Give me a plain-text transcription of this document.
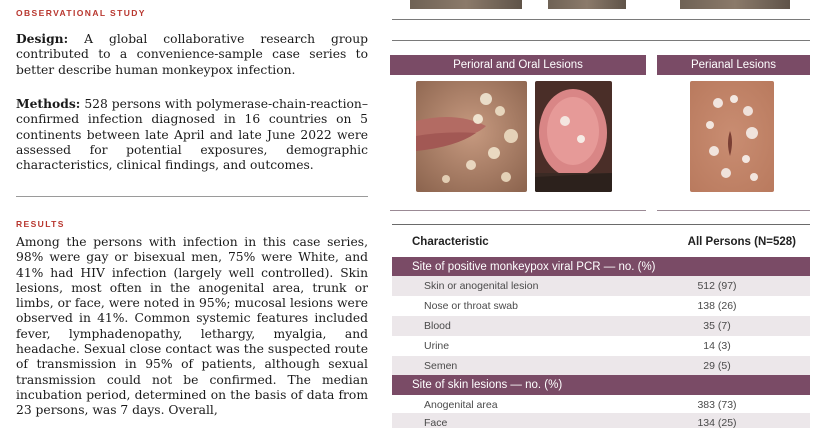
OBSERVATIONAL STUDY

Design: A global collaborative research group contributed to a convenience-sample case series to better describe human monkeypox infection.

Methods: 528 persons with polymerase-chain-reaction–confirmed infection diagnosed in 16 countries on 5 continents between late April and late June 2022 were assessed for potential exposures, demographic characteristics, clinical findings, and outcomes.

RESULTS

Among the persons with infection in this case series, 98% were gay or bisexual men, 75% were White, and 41% had HIV infection (largely well controlled). Skin lesions, most often in the anogenital area, trunk or limbs, or face, were noted in 95%; mucosal lesions were observed in 41%. Common systemic features included fever, lymphadenopathy, lethargy, myalgia, and headache. Sexual close contact was the suspected route of transmission in 95% of patients, although sexual transmission could not be confirmed. The median incubation period, determined on the basis of data from 23 persons, was 7 days. Overall,

Perioral and Oral Lesions	Perianal Lesions
Characteristic	All Persons (N=528)
Site of positive monkeypox viral PCR — no. (%)
Skin or anogenital lesion	512 (97)
Nose or throat swab	138 (26)
Blood	35 (7)
Urine	14 (3)
Semen	29 (5)
Site of skin lesions — no. (%)
Anogenital area	383 (73)
Face	134 (25)
